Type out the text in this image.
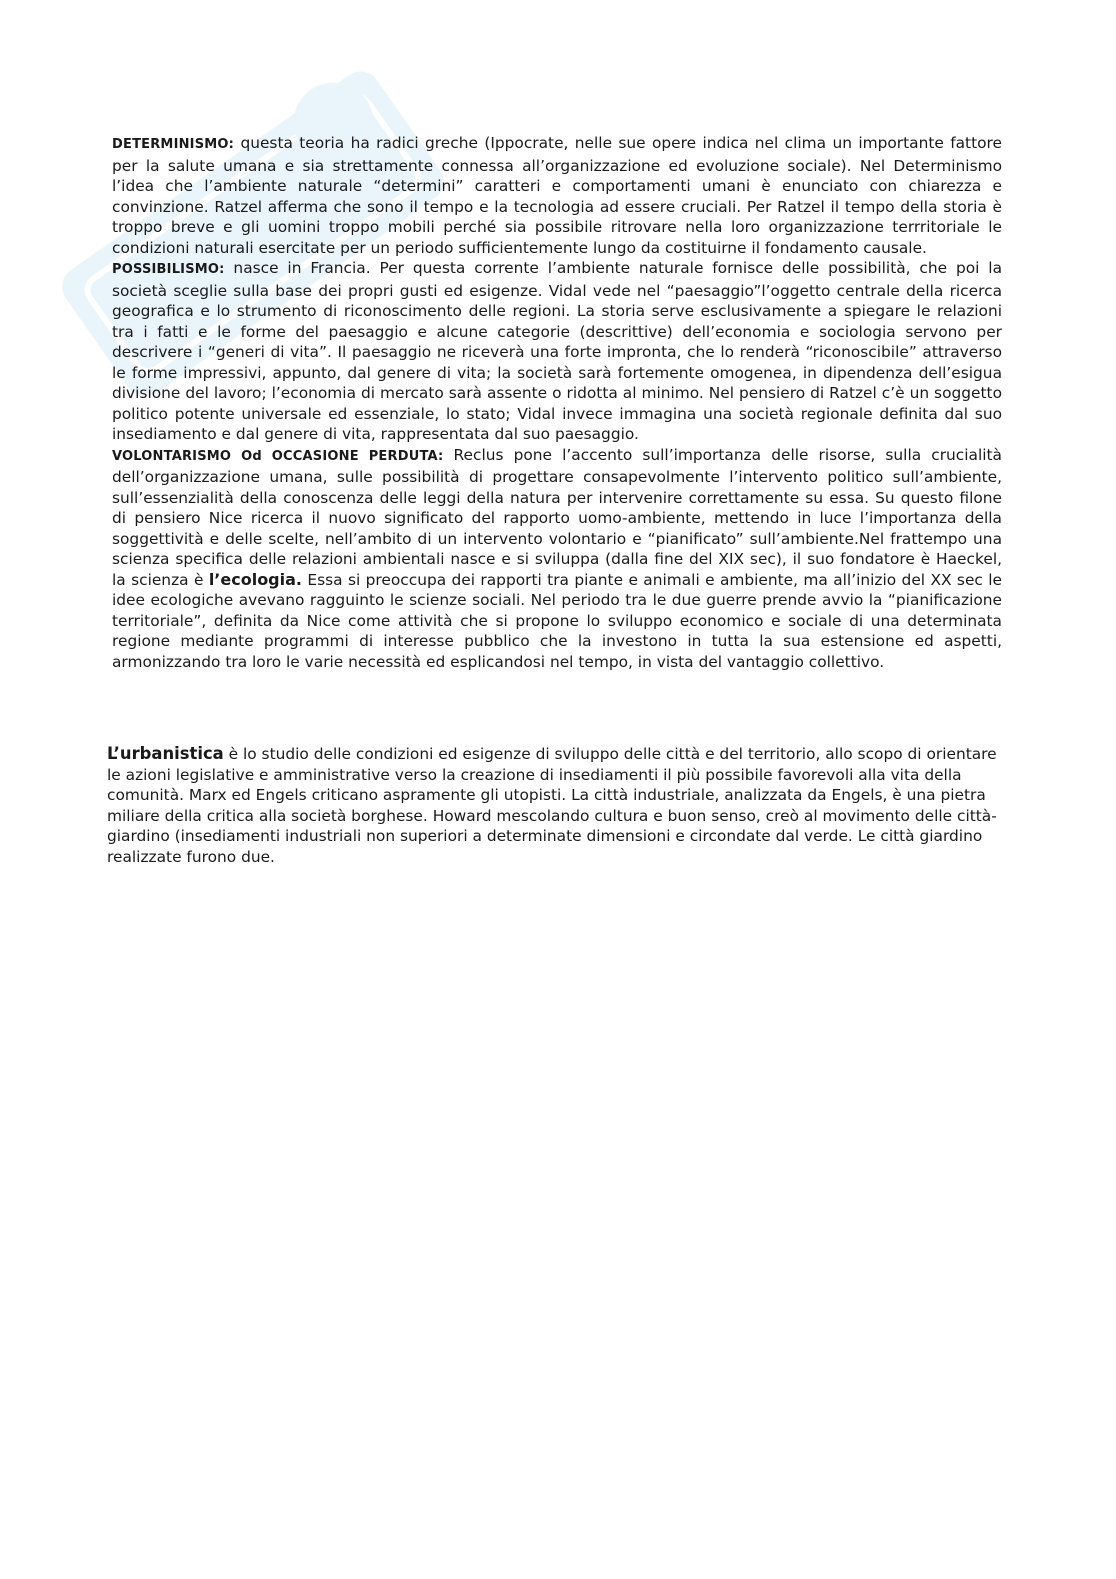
DETERMINISMO: questa teoria ha radici greche (Ippocrate, nelle sue opere indica nel clima un importante fattore per la salute umana e sia strettamente connessa all’organizzazione ed evoluzione sociale). Nel Determinismo l’idea che l’ambiente naturale “determini” caratteri e comportamenti umani è enunciato con chiarezza e convinzione. Ratzel afferma che sono il tempo e la tecnologia ad essere cruciali. Per Ratzel il tempo della storia è troppo breve e gli uomini troppo mobili perché sia possibile ritrovare nella loro organizzazione terrritoriale le condizioni naturali esercitate per un periodo sufficientemente lungo da costituirne il fondamento causale.

POSSIBILISMO: nasce in Francia. Per questa corrente l’ambiente naturale fornisce delle possibilità, che poi la società sceglie sulla base dei propri gusti ed esigenze. Vidal vede nel “paesaggio”l’oggetto centrale della ricerca geografica e lo strumento di riconoscimento delle regioni. La storia serve esclusivamente a spiegare le relazioni tra i fatti e le forme del paesaggio e alcune categorie (descrittive) dell’economia e sociologia servono per descrivere i “generi di vita”. Il paesaggio ne riceverà una forte impronta, che lo renderà “riconoscibile” attraverso le forme impressivi, appunto, dal genere di vita; la società sarà fortemente omogenea, in dipendenza dell’esigua divisione del lavoro; l’economia di mercato sarà assente o ridotta al minimo. Nel pensiero di Ratzel c’è un soggetto politico potente universale ed essenziale, lo stato; Vidal invece immagina una società regionale definita dal suo insediamento e dal genere di vita, rappresentata dal suo paesaggio.

VOLONTARISMO Od OCCASIONE PERDUTA: Reclus pone l’accento sull’importanza delle risorse, sulla crucialità dell’organizzazione umana, sulle possibilità di progettare consapevolmente l’intervento politico sull’ambiente, sull’essenzialità della conoscenza delle leggi della natura per intervenire correttamente su essa. Su questo filone di pensiero Nice ricerca il nuovo significato del rapporto uomo-ambiente, mettendo in luce l’importanza della soggettività e delle scelte, nell’ambito di un intervento volontario e “pianificato” sull’ambiente.Nel frattempo una scienza specifica delle relazioni ambientali nasce e si sviluppa (dalla fine del XIX sec), il suo fondatore è Haeckel, la scienza è l’ecologia. Essa si preoccupa dei rapporti tra piante e animali e ambiente, ma all’inizio del XX sec le idee ecologiche avevano ragguinto le scienze sociali. Nel periodo tra le due guerre prende avvio la “pianificazione territoriale”, definita da Nice come attività che si propone lo sviluppo economico e sociale di una determinata regione mediante programmi di interesse pubblico che la investono in tutta la sua estensione ed aspetti, armonizzando tra loro le varie necessità ed esplicandosi nel tempo, in vista del vantaggio collettivo.

L’urbanistica è lo studio delle condizioni ed esigenze di sviluppo delle città e del territorio, allo scopo di orientare le azioni legislative e amministrative verso la creazione di insediamenti il più possibile favorevoli alla vita della comunità. Marx ed Engels criticano aspramente gli utopisti. La città industriale, analizzata da Engels, è una pietra miliare della critica alla società borghese. Howard mescolando cultura e buon senso, creò al movimento delle città-giardino (insediamenti industriali non superiori a determinate dimensioni e circondate dal verde. Le città giardino realizzate furono due.
